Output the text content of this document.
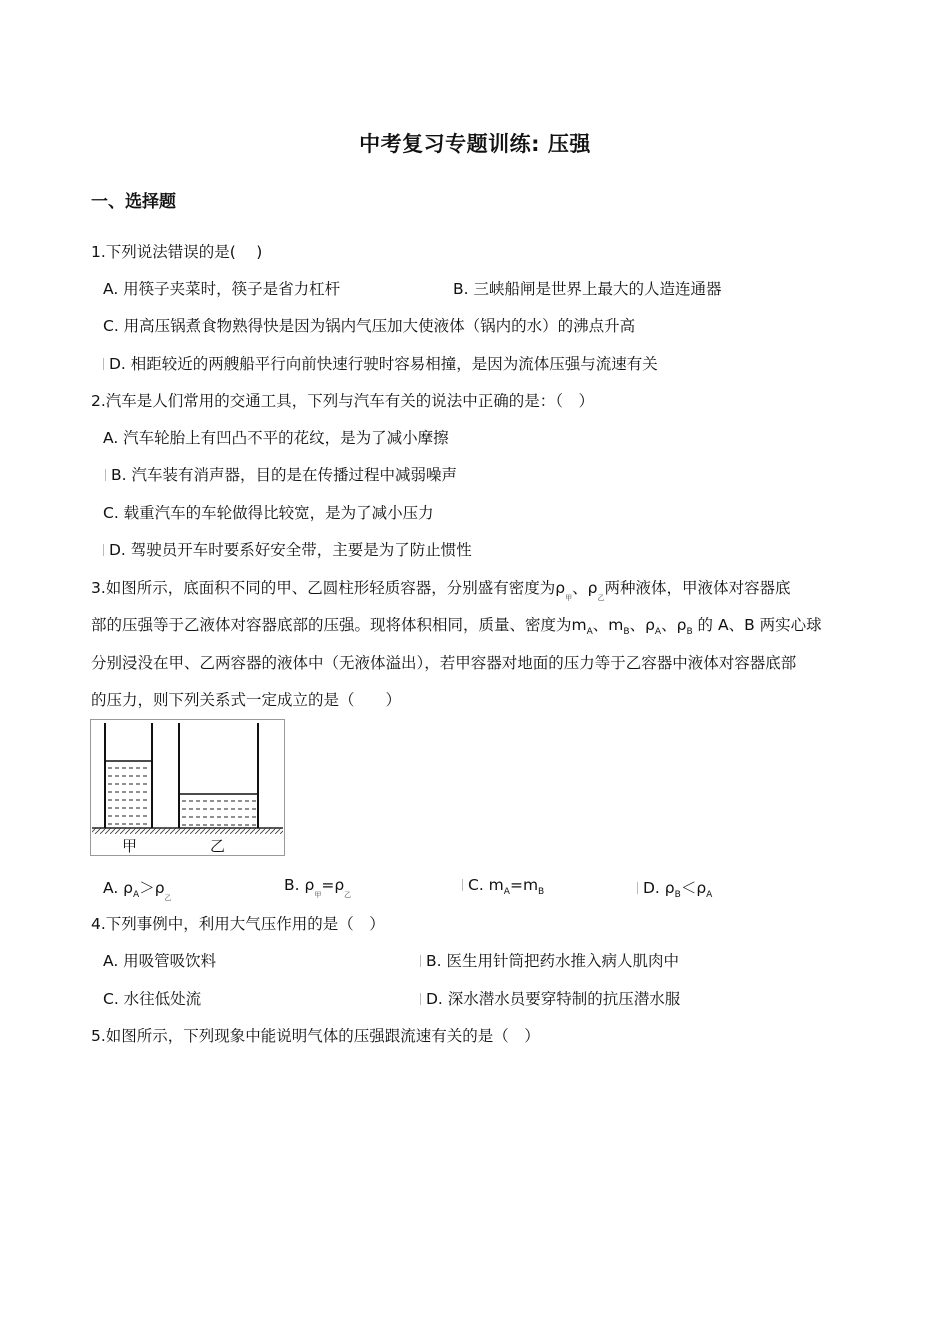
中考复习专题训练: 压强
一、选择题
1.下列说法错误的是(　 )
A. 用筷子夹菜时，筷子是省力杠杆	B. 三峡船闸是世界上最大的人造连通器
C. 用高压锅煮食物熟得快是因为锅内气压加大使液体（锅内的水）的沸点升高
D. 相距较近的两艘船平行向前快速行驶时容易相撞，是因为流体压强与流速有关
2.汽车是人们常用的交通工具，下列与汽车有关的说法中正确的是：（　）
A. 汽车轮胎上有凹凸不平的花纹，是为了减小摩擦
B. 汽车装有消声器，目的是在传播过程中减弱噪声
C. 载重汽车的车轮做得比较宽，是为了减小压力
D. 驾驶员开车时要系好安全带，主要是为了防止惯性
3.如图所示，底面积不同的甲、乙圆柱形轻质容器，分别盛有密度为$\rho_甲$、$\rho_乙$两种液体，甲液体对容器底
部的压强等于乙液体对容器底部的压强。现将体积相同，质量、密度为$m_A$、$m_B$、$\rho_A$、$\rho_B$ 的 A、B 两实心球
分别浸没在甲、乙两容器的液体中（无液体溢出），若甲容器对地面的压力等于乙容器中液体对容器底部
的压力，则下列关系式一定成立的是（　　）
甲	乙
A. $\rho_A>\rho_乙$
B. $\rho_甲=\rho_乙$
C. $m_A=m_B$	D. $\rho_B<\rho_A$
4.下列事例中，利用大气压作用的是（　）
A. 用吸管吸饮料	B. 医生用针筒把药水推入病人肌肉中
C. 水往低处流	D. 深水潜水员要穿特制的抗压潜水服
5.如图所示，下列现象中能说明气体的压强跟流速有关的是（　）
